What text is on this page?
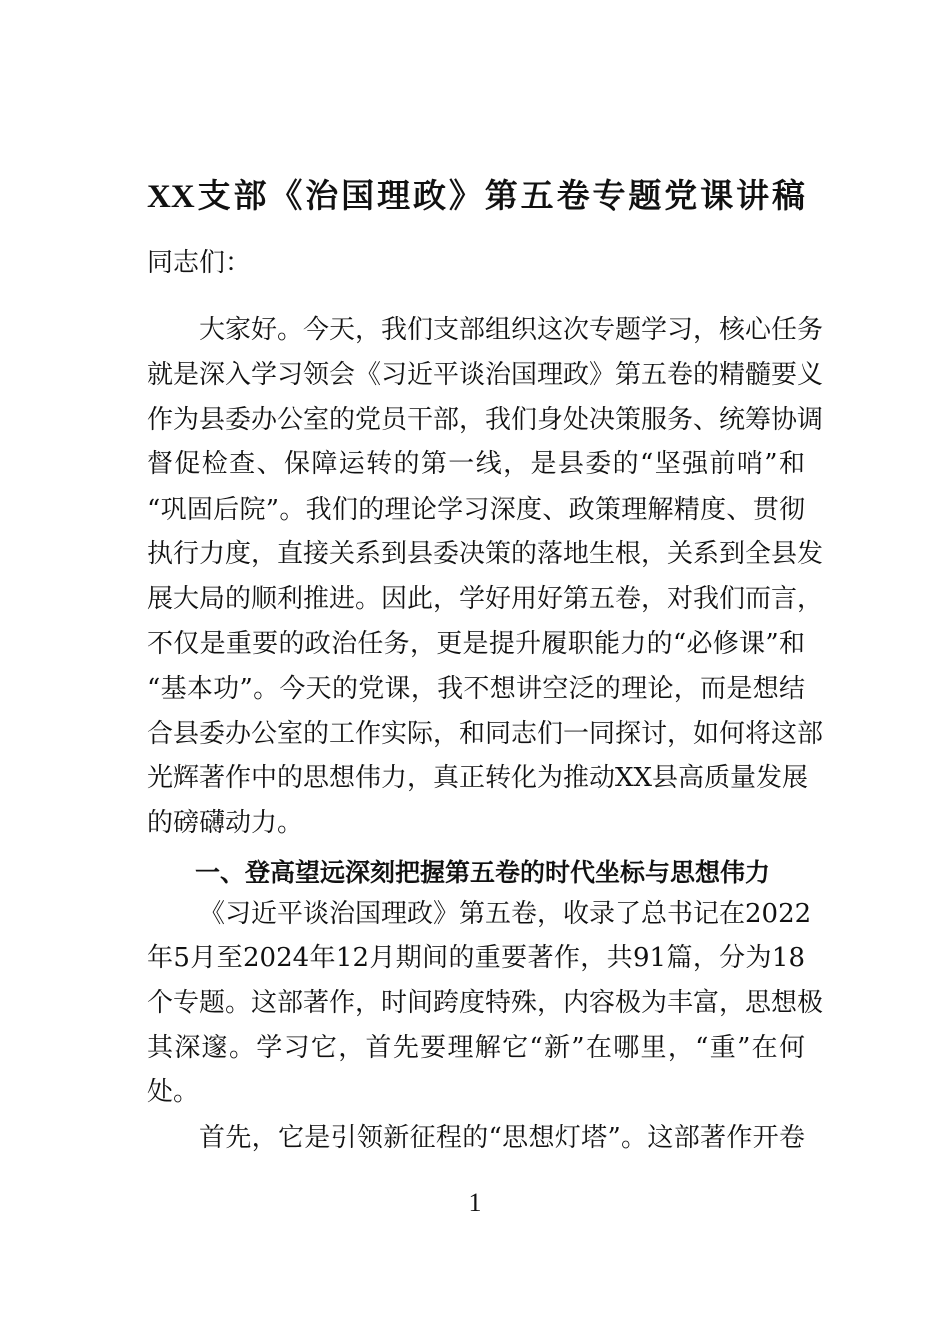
XX支部《治国理政》第五卷专题党课讲稿
同志们：
大家好。今天，我们支部组织这次专题学习，核心任务
就是深入学习领会《习近平谈治国理政》第五卷的精髓要义
作为县委办公室的党员干部，我们身处决策服务、统筹协调
督促检查、保障运转的第一线，是县委的“坚强前哨”和
“巩固后院”。我们的理论学习深度、政策理解精度、贯彻
执行力度，直接关系到县委决策的落地生根，关系到全县发
展大局的顺利推进。因此，学好用好第五卷，对我们而言，
不仅是重要的政治任务，更是提升履职能力的“必修课”和
“基本功”。今天的党课，我不想讲空泛的理论，而是想结
合县委办公室的工作实际，和同志们一同探讨，如何将这部
光辉著作中的思想伟力，真正转化为推动XX县高质量发展
的磅礴动力。
一、登高望远深刻把握第五卷的时代坐标与思想伟力
《习近平谈治国理政》第五卷，收录了总书记在2022
年5月至2024年12月期间的重要著作，共91篇，分为18
个专题。这部著作，时间跨度特殊，内容极为丰富，思想极
其深邃。学习它，首先要理解它“新”在哪里，“重”在何
处。
首先，它是引领新征程的“思想灯塔”。这部著作开卷
1
